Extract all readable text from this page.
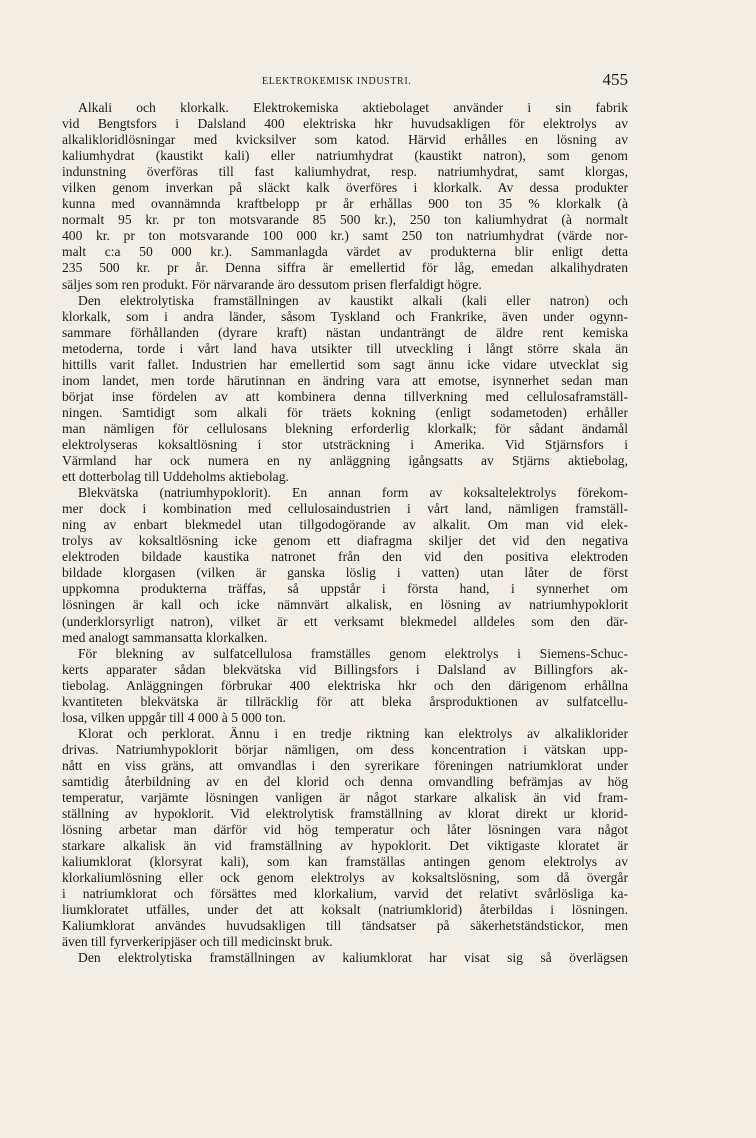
ELEKTROKEMISK INDUSTRI.	455
Alkali och klorkalk. Elektrokemiska aktiebolaget använder i sin fabrik
vid Bengtsfors i Dalsland 400 elektriska hkr huvudsakligen för elektrolys av
alkaliklоridlösningar med kvicksilver som katod. Härvid erhålles en lösning av
kaliumhydrat (kaustikt kali) eller natriumhydrat (kaustikt natron), som genom
indunstning överföras till fast kaliumhydrat, resp. natriumhydrat, samt klorgas,
vilken genom inverkan på släckt kalk överföres i klorkalk. Av dessa produkter
kunna med ovannämnda kraftbelopp pr år erhållas 900 ton 35 % klorkalk (à
normalt 95 kr. pr ton motsvarande 85 500 kr.), 250 ton kaliumhydrat (à normalt
400 kr. pr ton motsvarande 100 000 kr.) samt 250 ton natriumhydrat (värde nor-
malt c:a 50 000 kr.). Sammanlagda värdet av produkterna blir enligt detta
235 500 kr. pr år. Denna siffra är emellertid för låg, emedan alkalihydraten
säljes som ren produkt. För närvarande äro dessutom prisen flerfaldigt högre.
Den elektrolytiska framställningen av kaustikt alkali (kali eller natron) och
klorkalk, som i andra länder, såsom Tyskland och Frankrike, även under ogynn-
sammare förhållanden (dyrare kraft) nästan undanträngt de äldre rent kemiska
metoderna, torde i vårt land hava utsikter till utveckling i långt större skala än
hittills varit fallet. Industrien har emellertid som sagt ännu icke vidare utvecklat sig
inom landet, men torde härutinnan en ändring vara att emotse, isynnerhet sedan man
börjat inse fördelen av att kombinera denna tillverkning med cellulosaframställ-
ningen. Samtidigt som alkali för träets kokning (enligt sodametoden) erhåller
man nämligen för cellulosans blekning erforderlig klorkalk; för sådant ändamål
elektrolyseras koksaltlösning i stor utsträckning i Amerika. Vid Stjärnsfors i
Värmland har ock numera en ny anläggning igångsatts av Stjärns aktiebolag,
ett dotterbolag till Uddeholms aktiebolag.
Blekvätska (natriumhypoklorit). En annan form av koksaltelektrolys förekom-
mer dock i kombination med cellulosaindustrien i vårt land, nämligen framställ-
ning av enbart blekmedel utan tillgodogörande av alkalit. Om man vid elek-
trolys av koksaltlösning icke genom ett diafragma skiljer det vid den negativa
elektroden bildade kaustika natronet från den vid den positiva elektroden
bildade klorgasen (vilken är ganska löslig i vatten) utan låter de först
uppkomna produkterna träffas, så uppstår i första hand, i synnerhet om
lösningen är kall och icke nämnvärt alkalisk, en lösning av natriumhypoklorit
(underklorsyrligt natron), vilket är ett verksamt blekmedel alldeles som den där-
med analogt sammansatta klorkalken.
För blekning av sulfatcellulosa framställes genom elektrolys i Siemens-Schuc-
kerts apparater sådan blekvätska vid Billingsfors i Dalsland av Billingfors ak-
tiebolag. Anläggningen förbrukar 400 elektriska hkr och den därigenom erhållna
kvantiteten blekvätska är tillräcklig för att bleka årsproduktionen av sulfatcellu-
losa, vilken uppgår till 4 000 à 5 000 ton.
Klorat och perklorat. Ännu i en tredje riktning kan elektrolys av alkaliklorider
drivas. Natriumhypoklorit börjar nämligen, om dess koncentration i vätskan upp-
nått en viss gräns, att omvandlas i den syrerikare föreningen natriumklorat under
samtidig återbildning av en del klorid och denna omvandling befrämjas av hög
temperatur, varjämte lösningen vanligen är något starkare alkalisk än vid fram-
ställning av hypoklorit. Vid elektrolytisk framställning av klorat direkt ur klorid-
lösning arbetar man därför vid hög temperatur och låter lösningen vara något
starkare alkalisk än vid framställning av hypoklorit. Det viktigaste kloratet är
kaliumklorat (klorsyrat kali), som kan framställas antingen genom elektrolys av
klorkaliumlösning eller ock genom elektrolys av koksaltslösning, som då övergår
i natriumklorat och försättes med klorkalium, varvid det relativt svårlösliga ka-
liumkloratet utfälles, under det att koksalt (natriumklorid) återbildas i lösningen.
Kaliumklorat användes huvudsakligen till tändsatser på säkerhetständstickor, men
även till fyrverkeripjäser och till medicinskt bruk.
Den elektrolytiska framställningen av kaliumklorat har visat sig så överlägsen
